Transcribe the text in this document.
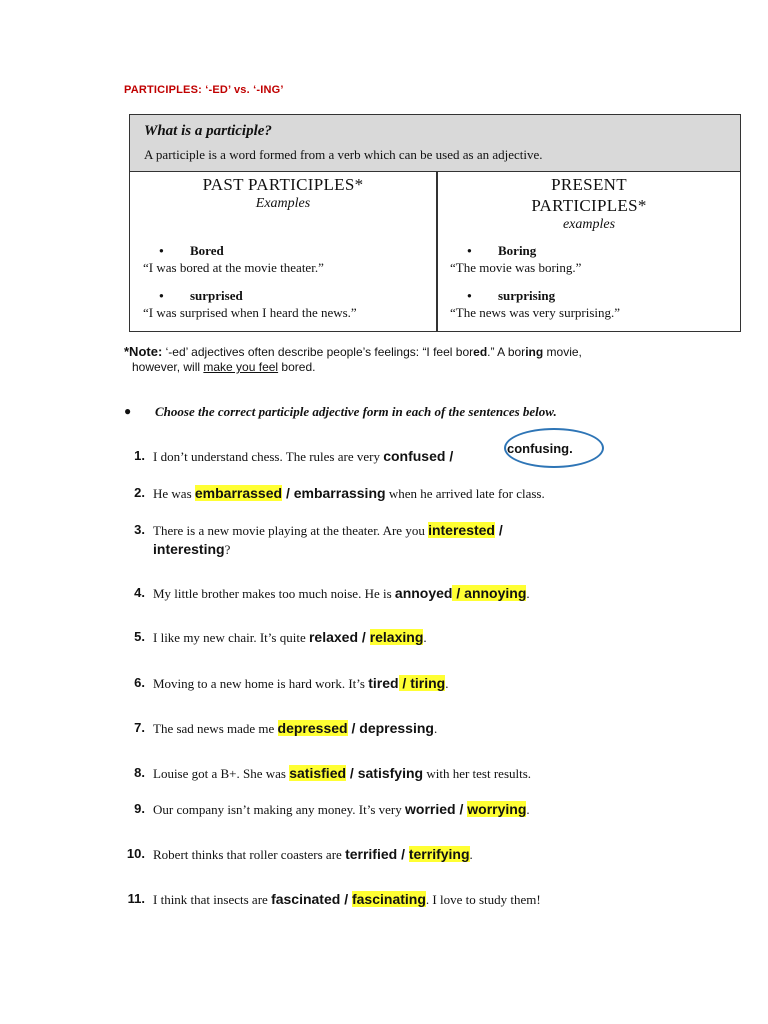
PARTICIPLES: ‘-ED’ vs. ‘-ING’
What is a participle?
A participle is a word formed from a verb which can be used as an adjective.
PAST PARTICIPLES*
Examples
● Bored
“I was bored at the movie theater.”
● surprised
“I was surprised when I heard the news.”
PRESENT
PARTICIPLES*
examples
● Boring
“The movie was boring.”
● surprising
“The news was very surprising.”
*Note: ‘-ed’ adjectives often describe people’s feelings: “I feel bored.” A boring movie,
however, will make you feel bored.
● Choose the correct participle adjective form in each of the sentences below.
1. I don’t understand chess. The rules are very confused /	confusing.
2. He was embarrassed / embarrassing when he arrived late for class.
3. There is a new movie playing at the theater. Are you interested /
interesting?
4. My little brother makes too much noise. He is annoyed / annoying.
5. I like my new chair. It’s quite relaxed / relaxing.
6. Moving to a new home is hard work. It’s tired / tiring.
7. The sad news made me depressed / depressing.
8. Louise got a B+. She was satisfied / satisfying with her test results.
9. Our company isn’t making any money. It’s very worried / worrying.
10. Robert thinks that roller coasters are terrified / terrifying.
11. I think that insects are fascinated / fascinating. I love to study them!
